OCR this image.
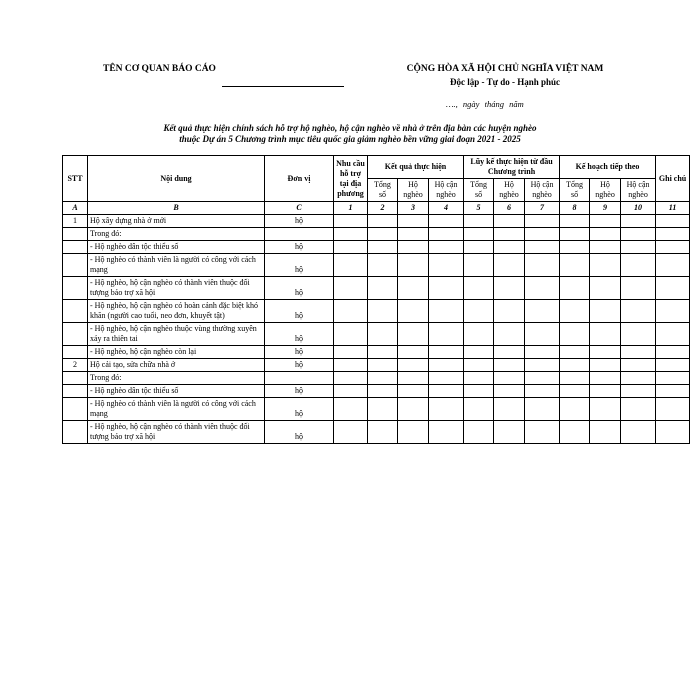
TÊN CƠ QUAN BÁO CÁO	CỘNG HÒA XÃ HỘI CHỦ NGHĨA VIỆT NAM
Độc lập - Tự do - Hạnh phúc
…., ngày tháng năm
Kết quả thực hiện chính sách hỗ trợ hộ nghèo, hộ cận nghèo về nhà ở trên địa bàn các huyện nghèo
thuộc Dự án 5 Chương trình mục tiêu quốc gia giảm nghèo bền vững giai đoạn 2021 - 2025
STT	Nội dung	Đơn vị	Nhu cầu hỗ trợ tại địa phương	Kết quả thực hiện			Lũy kế thực hiện từ đầu Chương trình			Kế hoạch tiếp theo			Ghi chú
				Tổng số	Hộ nghèo	Hộ cận nghèo	Tổng số	Hộ nghèo	Hộ cận nghèo	Tổng số	Hộ nghèo	Hộ cận nghèo	
A	B	C	1	2	3	4	5	6	7	8	9	10	11
1	Hộ xây dựng nhà ở mới	hộ											
	Trong đó:												
	- Hộ nghèo dân tộc thiểu số	hộ											
	- Hộ nghèo có thành viên là người có công với cách mạng	hộ											
	- Hộ nghèo, hộ cận nghèo có thành viên thuộc đối tượng bảo trợ xã hội	hộ											
	- Hộ nghèo, hộ cận nghèo có hoàn cảnh đặc biệt khó khăn (người cao tuổi, neo đơn, khuyết tật)	hộ											
	- Hộ nghèo, hộ cận nghèo thuộc vùng thường xuyên xảy ra thiên tai	hộ											
	- Hộ nghèo, hộ cận nghèo còn lại	hộ											
2	Hộ cải tạo, sửa chữa nhà ở	hộ											
	Trong đó:												
	- Hộ nghèo dân tộc thiểu số	hộ											
	- Hộ nghèo có thành viên là người có công với cách mạng	hộ											
	- Hộ nghèo, hộ cận nghèo có thành viên thuộc đối tượng bảo trợ xã hội	hộ											
